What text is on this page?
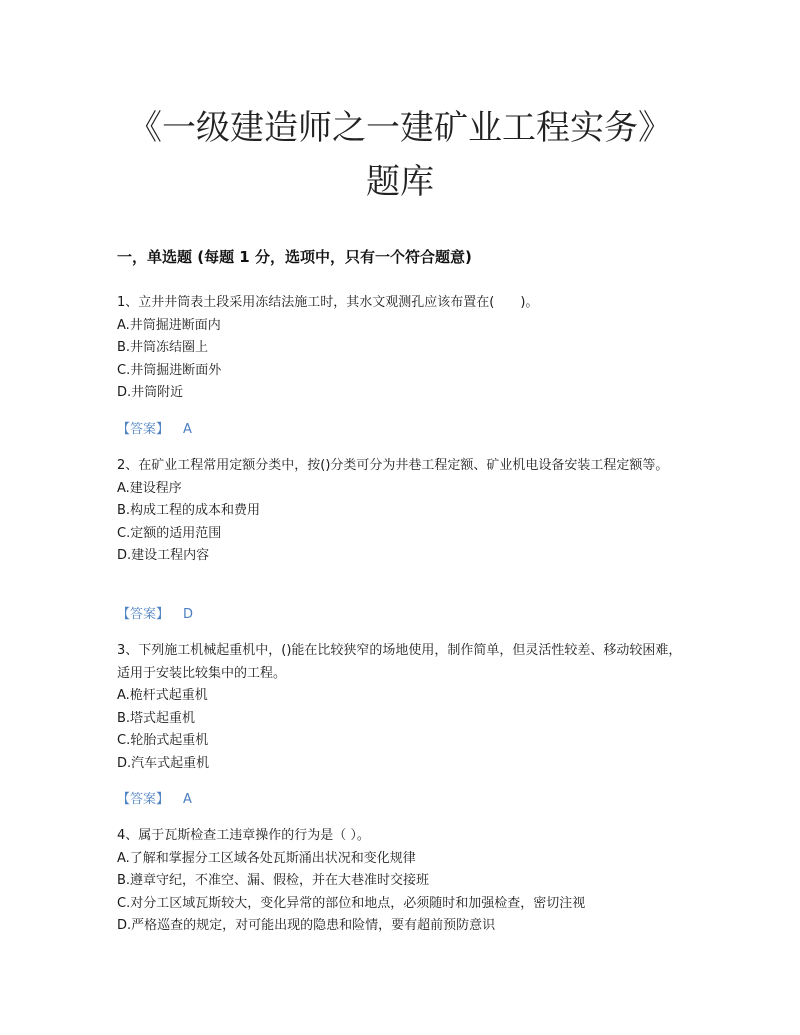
《一级建造师之一建矿业工程实务》
题库
一，单选题 (每题 1 分，选项中，只有一个符合题意)

1、立井井筒表土段采用冻结法施工时，其水文观测孔应该布置在(　　)。

A.井筒掘进断面内

B.井筒冻结圈上

C.井筒掘进断面外

D.井筒附近

【答案】 A

2、在矿业工程常用定额分类中，按()分类可分为井巷工程定额、矿业机电设备安装工程定额等。

A.建设程序

B.构成工程的成本和费用

C.定额的适用范围

D.建设工程内容

【答案】 D

3、下列施工机械起重机中，()能在比较狭窄的场地使用，制作简单，但灵活性较差、移动较困难，适用于安装比较集中的工程。

A.桅杆式起重机

B.塔式起重机

C.轮胎式起重机

D.汽车式起重机

【答案】 A

4、属于瓦斯检查工违章操作的行为是（ ）。

A.了解和掌握分工区域各处瓦斯涌出状况和变化规律

B.遵章守纪，不准空、漏、假检，并在大巷准时交接班

C.对分工区域瓦斯较大，变化异常的部位和地点，必须随时和加强检查，密切注视

D.严格巡查的规定，对可能出现的隐患和险情，要有超前预防意识
